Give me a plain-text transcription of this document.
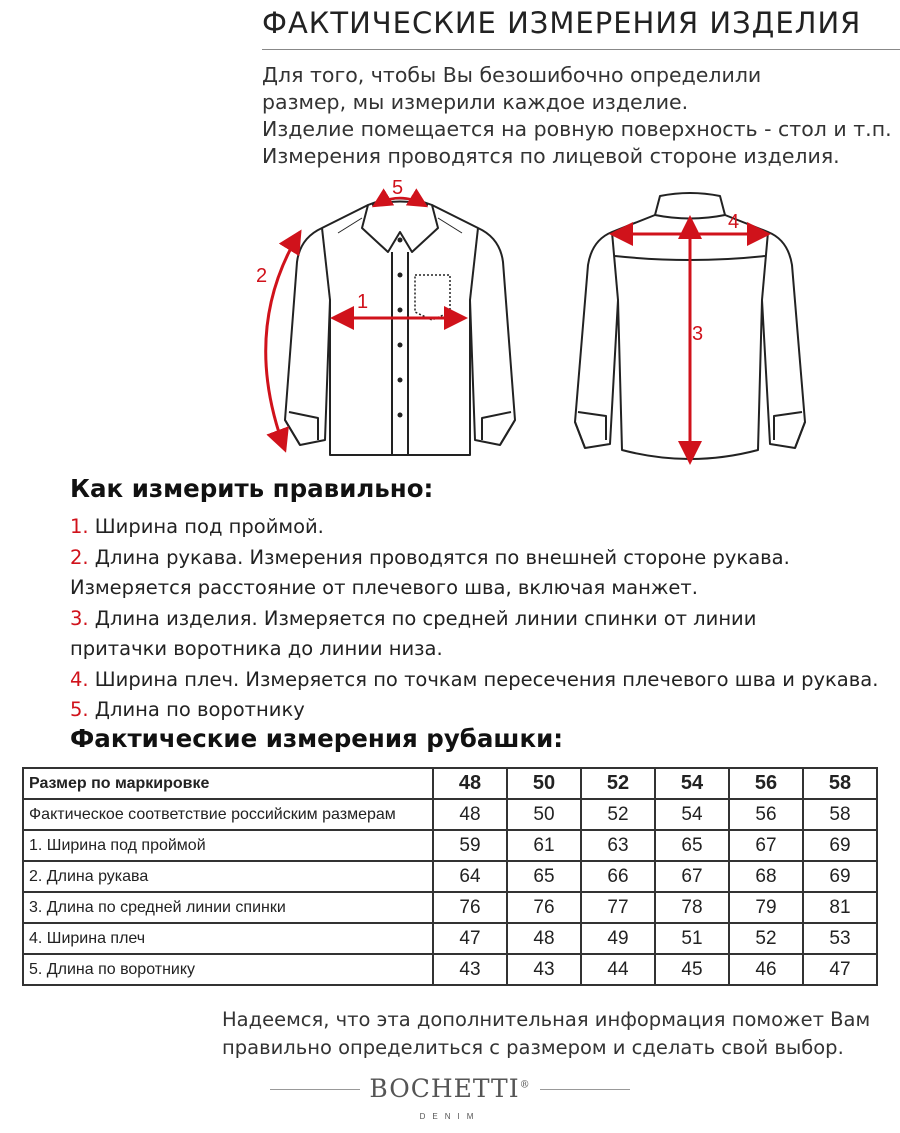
ФАКТИЧЕСКИЕ ИЗМЕРЕНИЯ ИЗДЕЛИЯ
Для того, чтобы Вы безошибочно определили
размер, мы измерили каждое изделие.
Изделие помещается на ровную поверхность - стол и т.п.
Измерения проводятся по лицевой стороне изделия.
1
2
3
4
5
Как измерить правильно:
1. Ширина под проймой.
2. Длина рукава. Измерения проводятся по внешней стороне рукава.
Измеряется расстояние от плечевого шва, включая манжет.
3. Длина изделия. Измеряется по средней линии спинки от линии
притачки воротника до линии низа.
4. Ширина плеч. Измеряется по точкам пересечения плечевого шва и рукава.
5. Длина по воротнику
Фактические измерения рубашки:
Размер по маркировке	48	50	52	54	56	58
Фактическое соответствие российским размерам	48	50	52	54	56	58
1. Ширина под проймой	59	61	63	65	67	69
2. Длина рукава	64	65	66	67	68	69
3. Длина по средней линии спинки	76	76	77	78	79	81
4. Ширина плеч	47	48	49	51	52	53
5. Длина по воротнику	43	43	44	45	46	47
Надеемся, что эта дополнительная информация поможет Вам
правильно определиться с размером и сделать свой выбор.
BOCHETTI®
DENIM
